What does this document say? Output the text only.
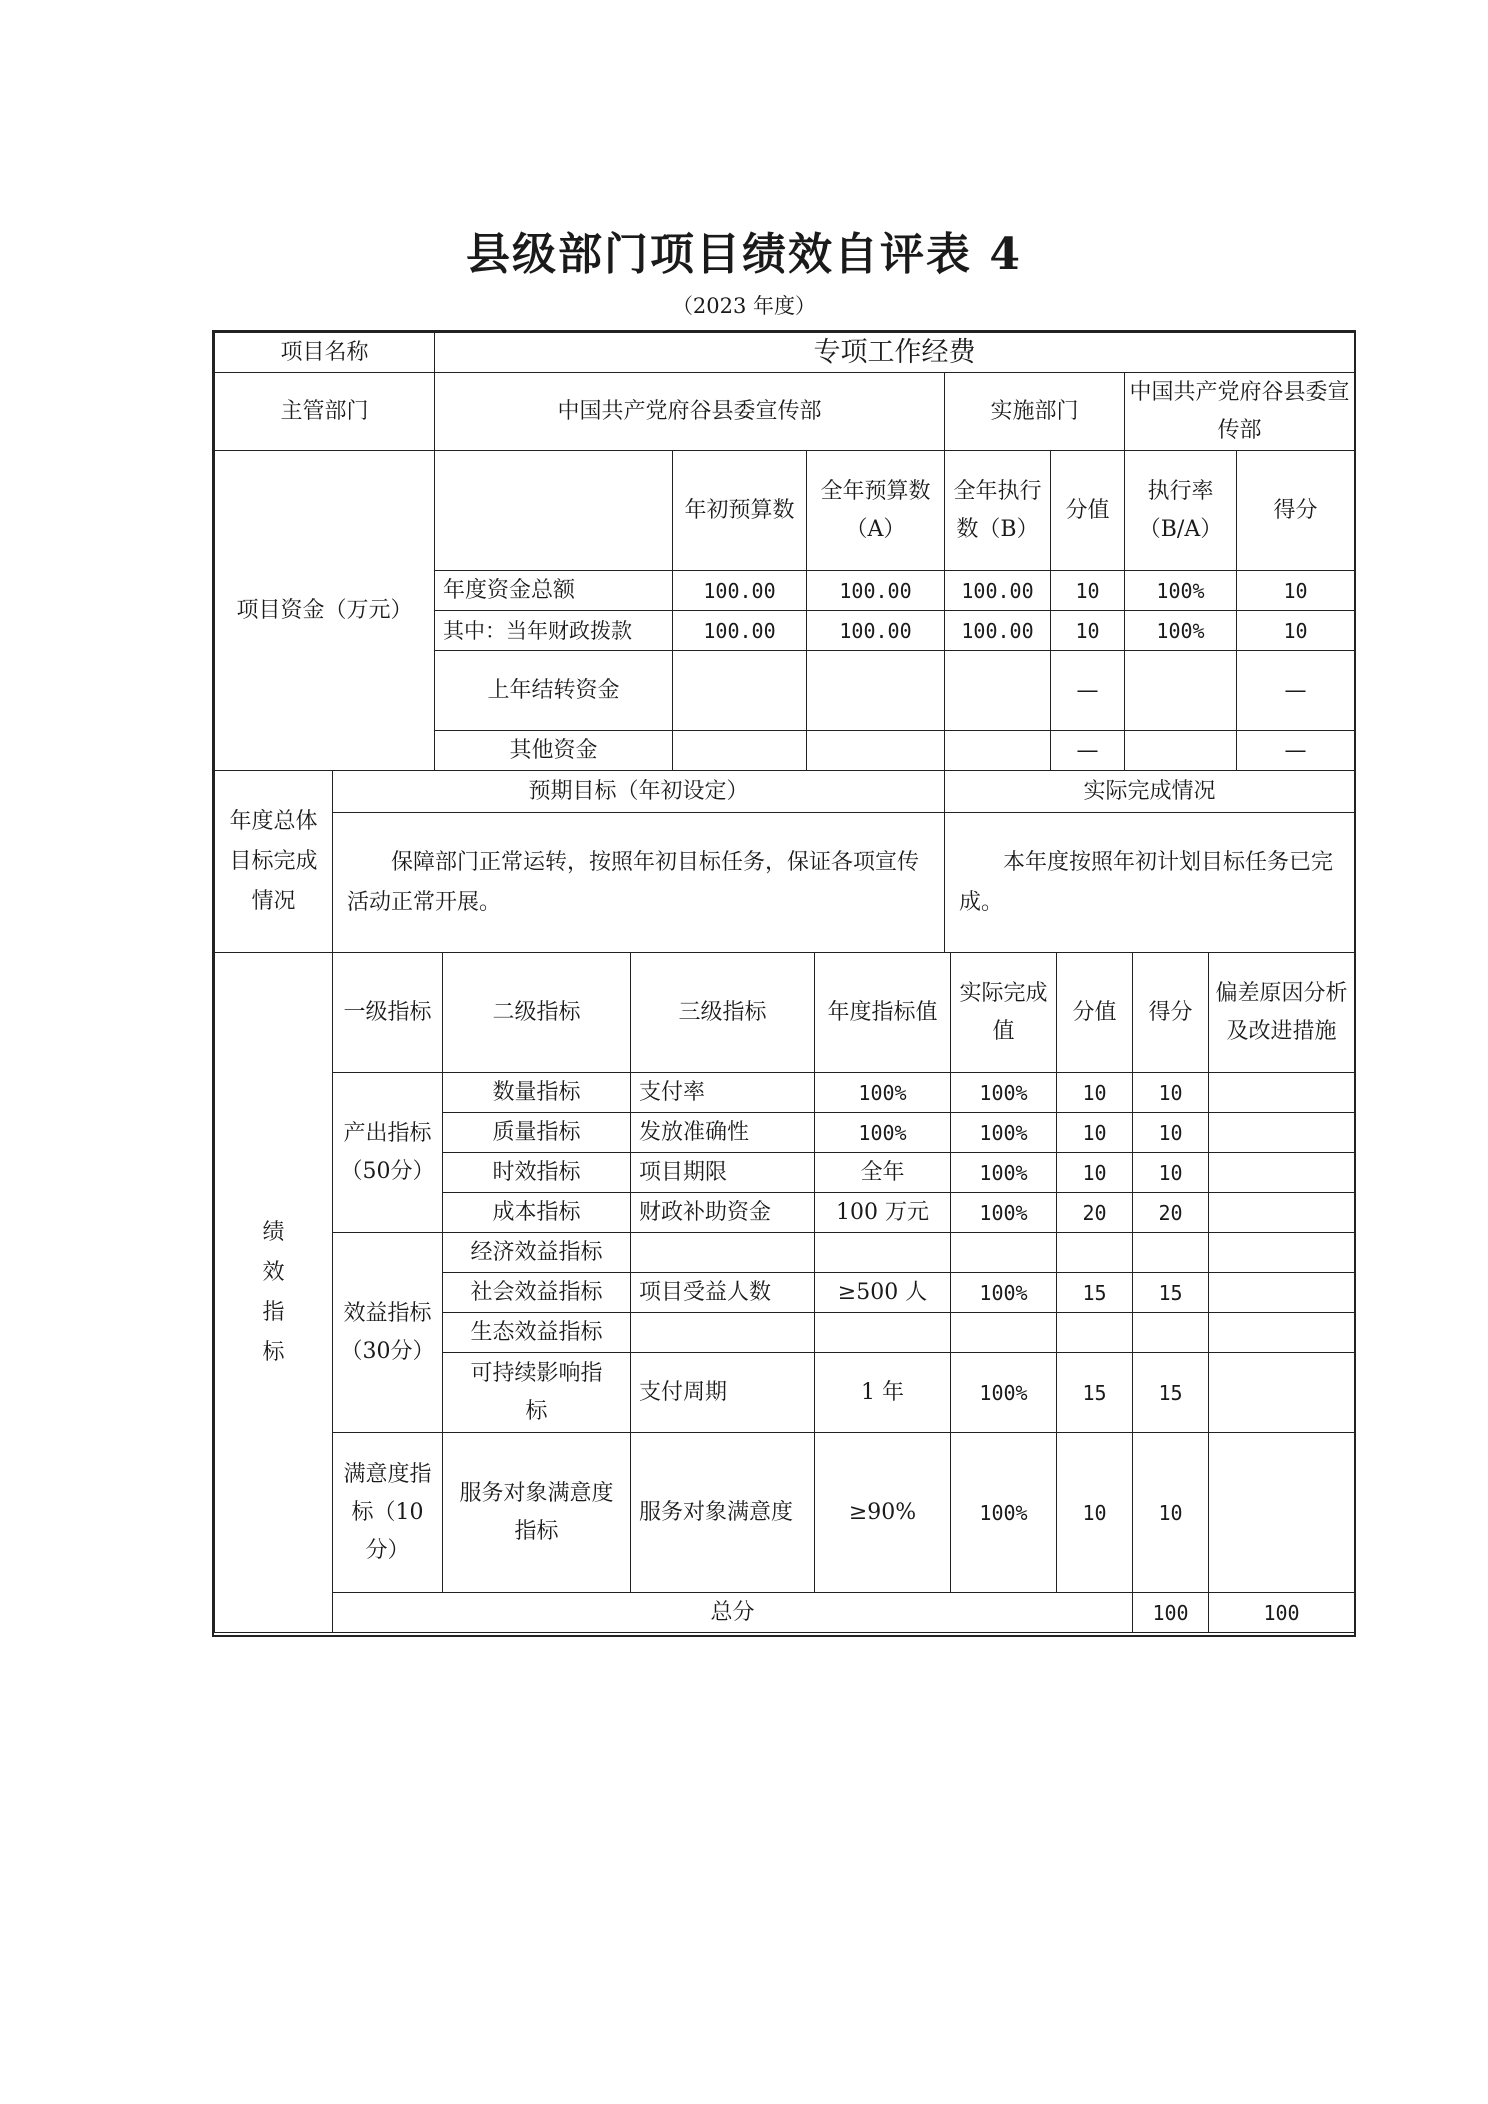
县级部门项目绩效自评表 4
（2023 年度）
项目名称	专项工作经费						
主管部门	中国共产党府谷县委宣传部			实施部门		中国共产党府谷县委宣传部	
项目资金（万元）		年初预算数	全年预算数（A）	全年执行数（B）	分值	执行率（B/A）	得分
	年度资金总额	100.00	100.00	100.00	10	100%	10
	其中：当年财政拨款	100.00	100.00	100.00	10	100%	10
	上年结转资金				—		—
	其他资金				—		—
年度总体目标完成情况	预期目标（年初设定）	实际完成情况
	保障部门正常运转，按照年初目标任务，保证各项宣传活动正常开展。	本年度按照年初计划目标任务已完成。
绩效指标	一级指标	二级指标	三级指标	年度指标值	实际完成值	分值	得分	偏差原因分析及改进措施	
	产出指标（50分）	数量指标	支付率	100%	100%	10	10		
		质量指标	发放准确性	100%	100%	10	10		
		时效指标	项目期限	全年	100%	10	10		
		成本指标	财政补助资金	100 万元	100%	20	20		
	效益指标（30分）	经济效益指标							
		社会效益指标	项目受益人数	≥500 人	100%	15	15		
		生态效益指标							
		可持续影响指标	支付周期	1 年	100%	15	15		
	满意度指标（10分）	服务对象满意度指标	服务对象满意度	≥90%	100%	10	10		
	总分						100	100	
